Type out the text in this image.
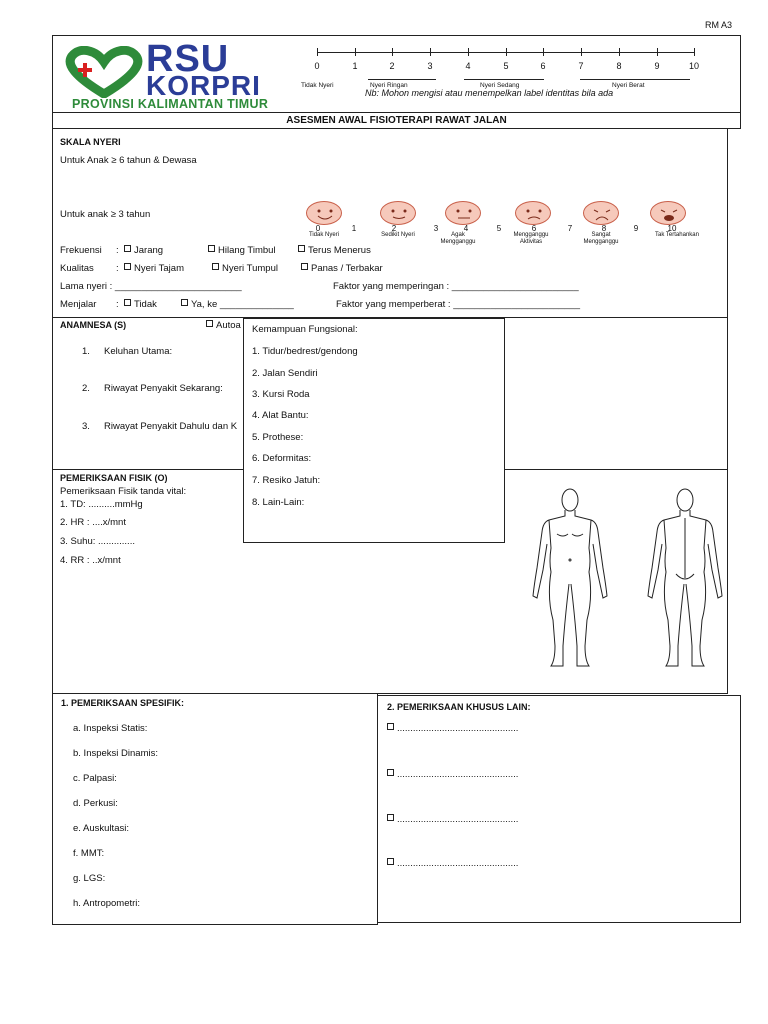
RM A3
RSU
KORPRI
PROVINSI KALIMANTAN TIMUR
0	1	2	3	4	5	6	7	8	9	10
Tidak Nyeri	Nyeri Ringan	Nyeri Sedang	Nyeri Berat
Nb: Mohon mengisi atau menempelkan label identitas bila ada
ASESMEN AWAL FISIOTERAPI RAWAT JALAN
SKALA NYERI
Untuk Anak ≥ 6 tahun & Dewasa
Untuk anak ≥ 3 tahun
0	1	2	3	4	5	6	7	8	9	10
Tidak Nyeri	Sedikit Nyeri	Agak Mengganggu
Mengganggu Aktivitas
Sangat Mengganggu
Tak Tertahankan
Frekuensi :	Jarang	Hilang Timbul	Terus Menerus
Kualitas :	Nyeri Tajam	Nyeri Tumpul	Panas / Terbakar
Lama nyeri : ________________________	Faktor yang memperingan : ________________________
Menjalar :	Tidak	Ya, ke ______________	Faktor yang memperberat : ________________________
ANAMNESA (S)	Autoa
1. Keluhan Utama:
2. Riwayat Penyakit Sekarang:
3. Riwayat Penyakit Dahulu dan K
Kemampuan Fungsional:
1. Tidur/bedrest/gendong
2. Jalan Sendiri
3. Kursi Roda
4. Alat Bantu:
5. Prothese:
6. Deformitas:
7. Resiko Jatuh:
8. Lain-Lain:
PEMERIKSAAN FISIK (O)
Pemeriksaan Fisik tanda vital:
1. TD: ..........mmHg
2. HR : ....x/mnt
3. Suhu: ..............
4. RR : ..x/mnt
1. PEMERIKSAAN SPESIFIK:
a. Inspeksi Statis:
b. Inspeksi Dinamis:
c. Palpasi:
d. Perkusi:
e. Auskultasi:
f. MMT:
g. LGS:
h. Antropometri:
2. PEMERIKSAAN KHUSUS LAIN:
..............................................
..............................................
..............................................
..............................................
